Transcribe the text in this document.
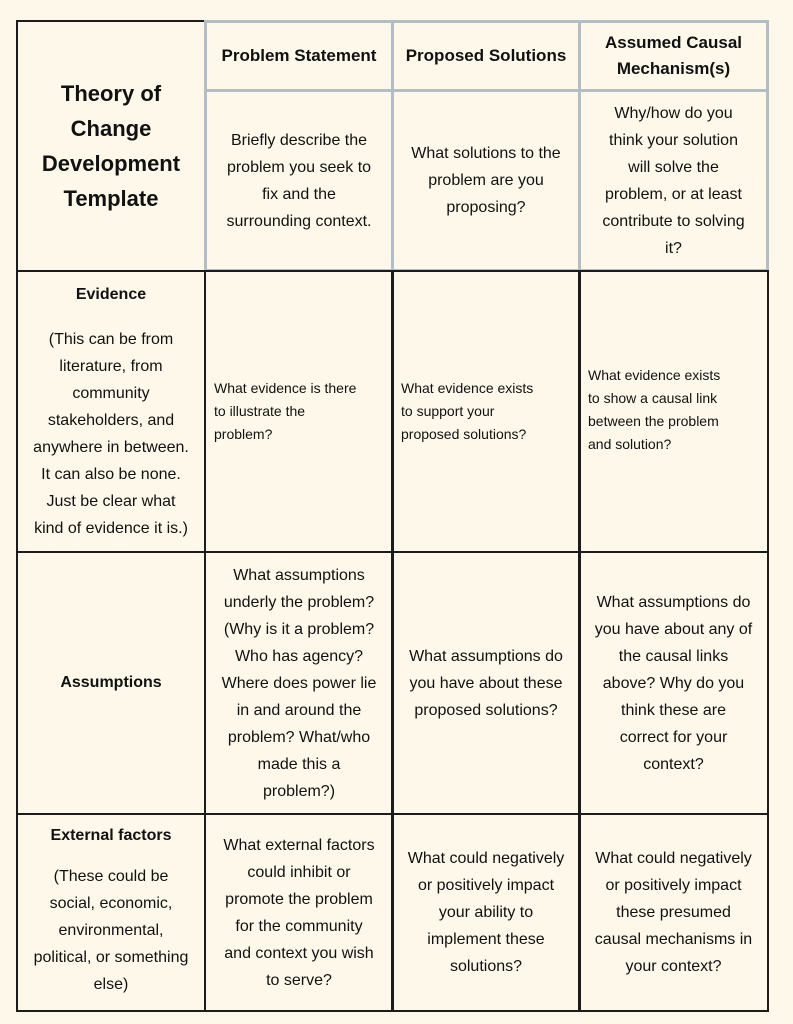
Theory of
Change
Development
Template
Problem Statement Proposed Solutions
Assumed Causal
Mechanism(s)
Briefly describe the
problem you seek to
fix and the
surrounding context.
What solutions to the
problem are you
proposing?
Why/how do you
think your solution
will solve the
problem, or at least
contribute to solving
it?
Evidence
(This can be from
literature, from
community
stakeholders, and
anywhere in between.
It can also be none.
Just be clear what
kind of evidence it is.)
What evidence is there
to illustrate the
problem?
What evidence exists
to support your
proposed solutions?
What evidence exists
to show a causal link
between the problem
and solution?
Assumptions
What assumptions
underly the problem?
(Why is it a problem?
Who has agency?
Where does power lie
in and around the
problem? What/who
made this a
problem?)
What assumptions do
you have about these
proposed solutions?
What assumptions do
you have about any of
the causal links
above? Why do you
think these are
correct for your
context?
External factors
(These could be
social, economic,
environmental,
political, or something
else)
What external factors
could inhibit or
promote the problem
for the community
and context you wish
to serve?
What could negatively
or positively impact
your ability to
implement these
solutions?
What could negatively
or positively impact
these presumed
causal mechanisms in
your context?
